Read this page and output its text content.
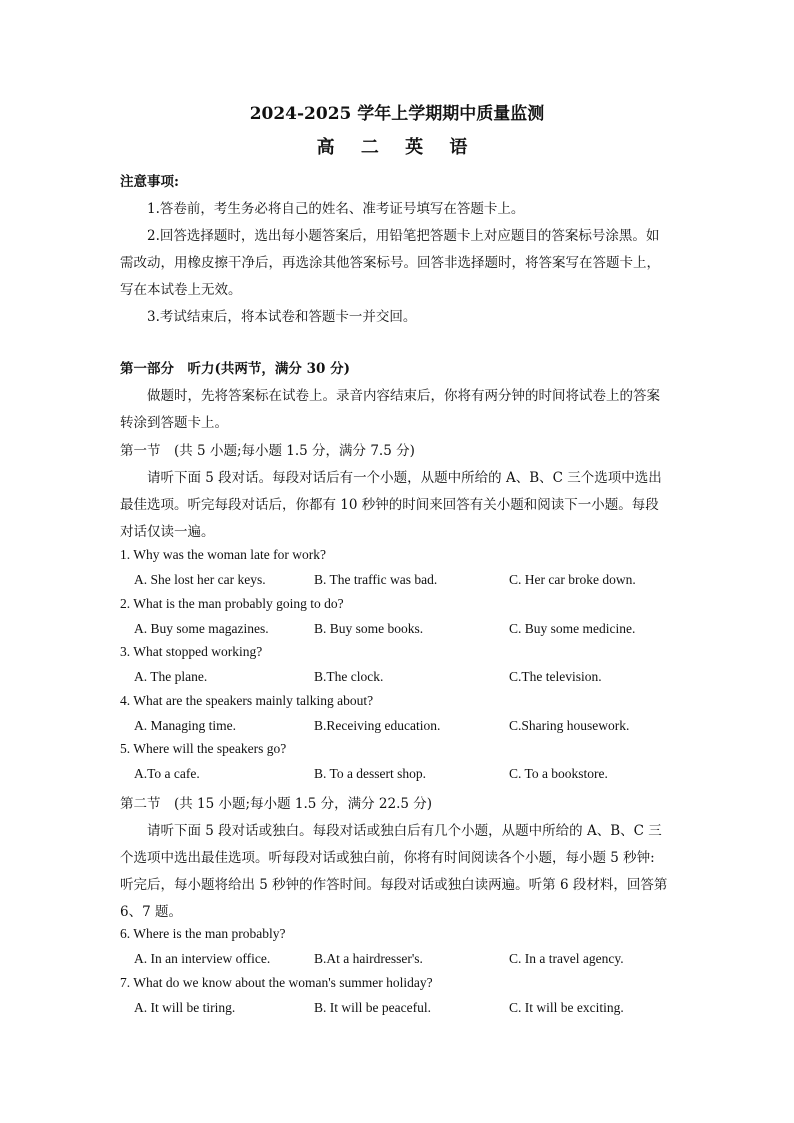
2024-2025 学年上学期期中质量监测
高 二 英 语
注意事项:
1.答卷前，考生务必将自己的姓名、准考证号填写在答题卡上。
2.回答选择题时，选出每小题答案后，用铅笔把答题卡上对应题目的答案标号涂黑。如
需改动，用橡皮擦干净后，再选涂其他答案标号。回答非选择题时，将答案写在答题卡上，
写在本试卷上无效。
3.考试结束后，将本试卷和答题卡一并交回。
第一部分　听力(共两节，满分 30 分)
做题时，先将答案标在试卷上。录音内容结束后，你将有两分钟的时间将试卷上的答案
转涂到答题卡上。
第一节　(共 5 小题;每小题 1.5 分，满分 7.5 分)
请听下面 5 段对话。每段对话后有一个小题，从题中所给的 A、B、C 三个选项中选出
最佳选项。听完每段对话后，你都有 10 秒钟的时间来回答有关小题和阅读下一小题。每段
对话仅读一遍。
1. Why was the woman late for work?
A. She lost her car keys.	B. The traffic was bad.	C. Her car broke down.
2. What is the man probably going to do?
A. Buy some magazines.	B. Buy some books.	C. Buy some medicine.
3. What stopped working?
A. The plane.	B.The clock.	C.The television.
4. What are the speakers mainly talking about?
A. Managing time.	B.Receiving education.	C.Sharing housework.
5. Where will the speakers go?
A.To a cafe.	B. To a dessert shop.	C. To a bookstore.
第二节　(共 15 小题;每小题 1.5 分，满分 22.5 分)
请听下面 5 段对话或独白。每段对话或独白后有几个小题，从题中所给的 A、B、C 三
个选项中选出最佳选项。听每段对话或独白前，你将有时间阅读各个小题，每小题 5 秒钟:
听完后，每小题将给出 5 秒钟的作答时间。每段对话或独白读两遍。听第 6 段材料，回答第
6、7 题。
6. Where is the man probably?
A. In an interview office.	B.At a hairdresser's.	C. In a travel agency.
7. What do we know about the woman's summer holiday?
A. It will be tiring.	B. It will be peaceful.	C. It will be exciting.
